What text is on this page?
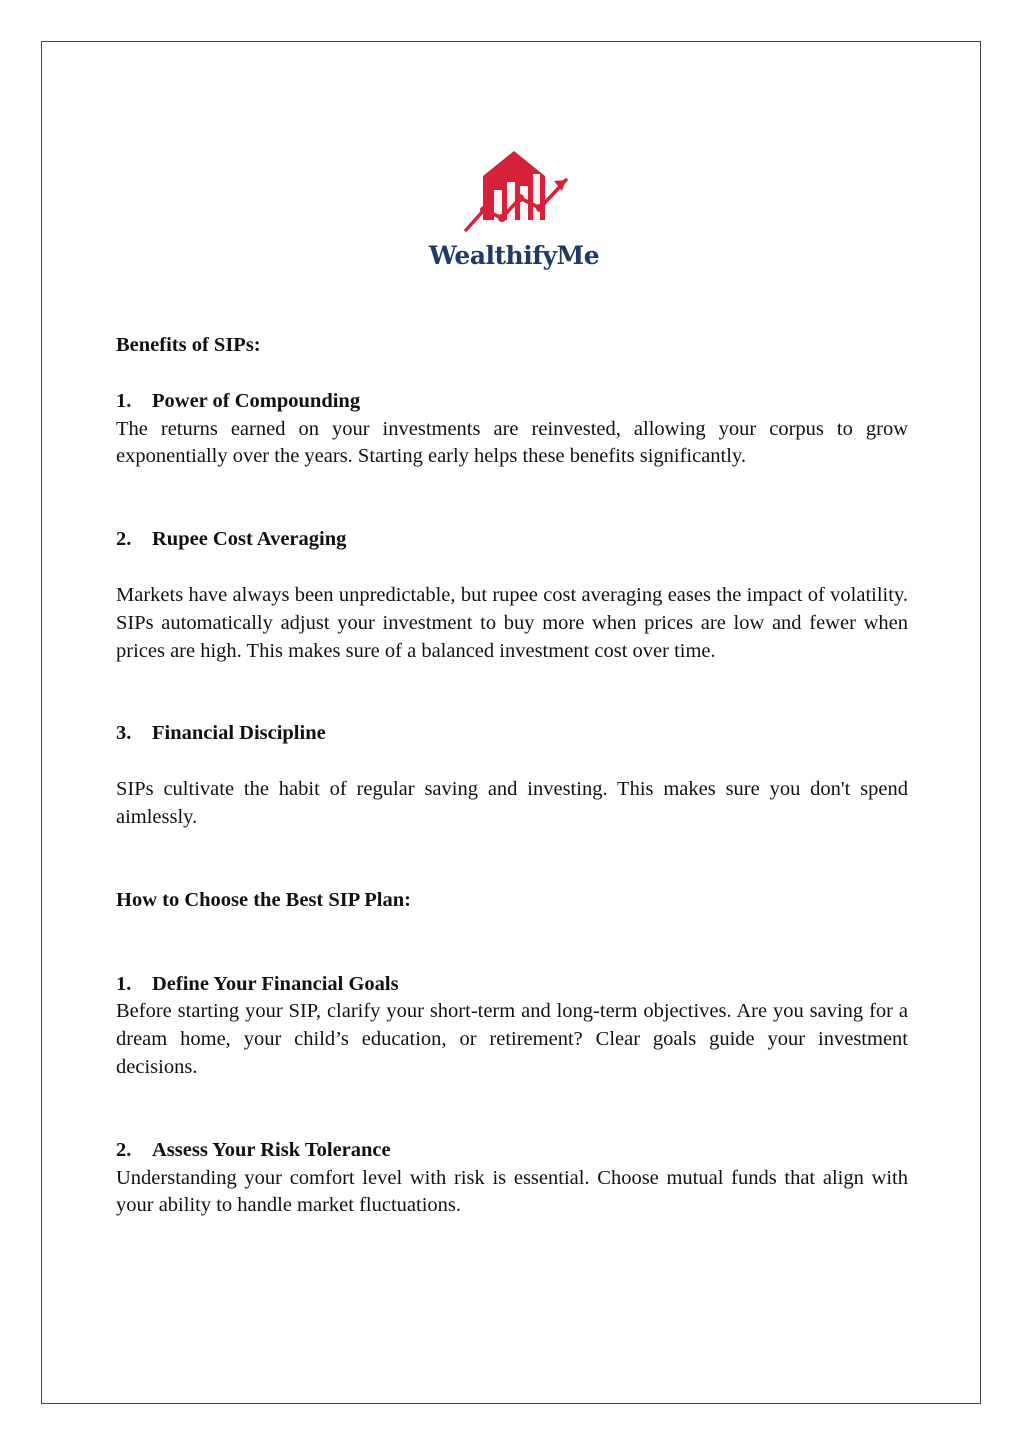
WealthifyMe

Benefits of SIPs:

1. Power of Compounding

The returns earned on your investments are reinvested, allowing your corpus to grow exponentially over the years. Starting early helps these benefits significantly.

2. Rupee Cost Averaging

Markets have always been unpredictable, but rupee cost averaging eases the impact of volatility. SIPs automatically adjust your investment to buy more when prices are low and fewer when prices are high. This makes sure of a balanced investment cost over time.

3. Financial Discipline

SIPs cultivate the habit of regular saving and investing. This makes sure you don't spend aimlessly.

How to Choose the Best SIP Plan:

1. Define Your Financial Goals

Before starting your SIP, clarify your short-term and long-term objectives. Are you saving for a dream home, your child’s education, or retirement? Clear goals guide your investment decisions.

2. Assess Your Risk Tolerance

Understanding your comfort level with risk is essential. Choose mutual funds that align with your ability to handle market fluctuations.
